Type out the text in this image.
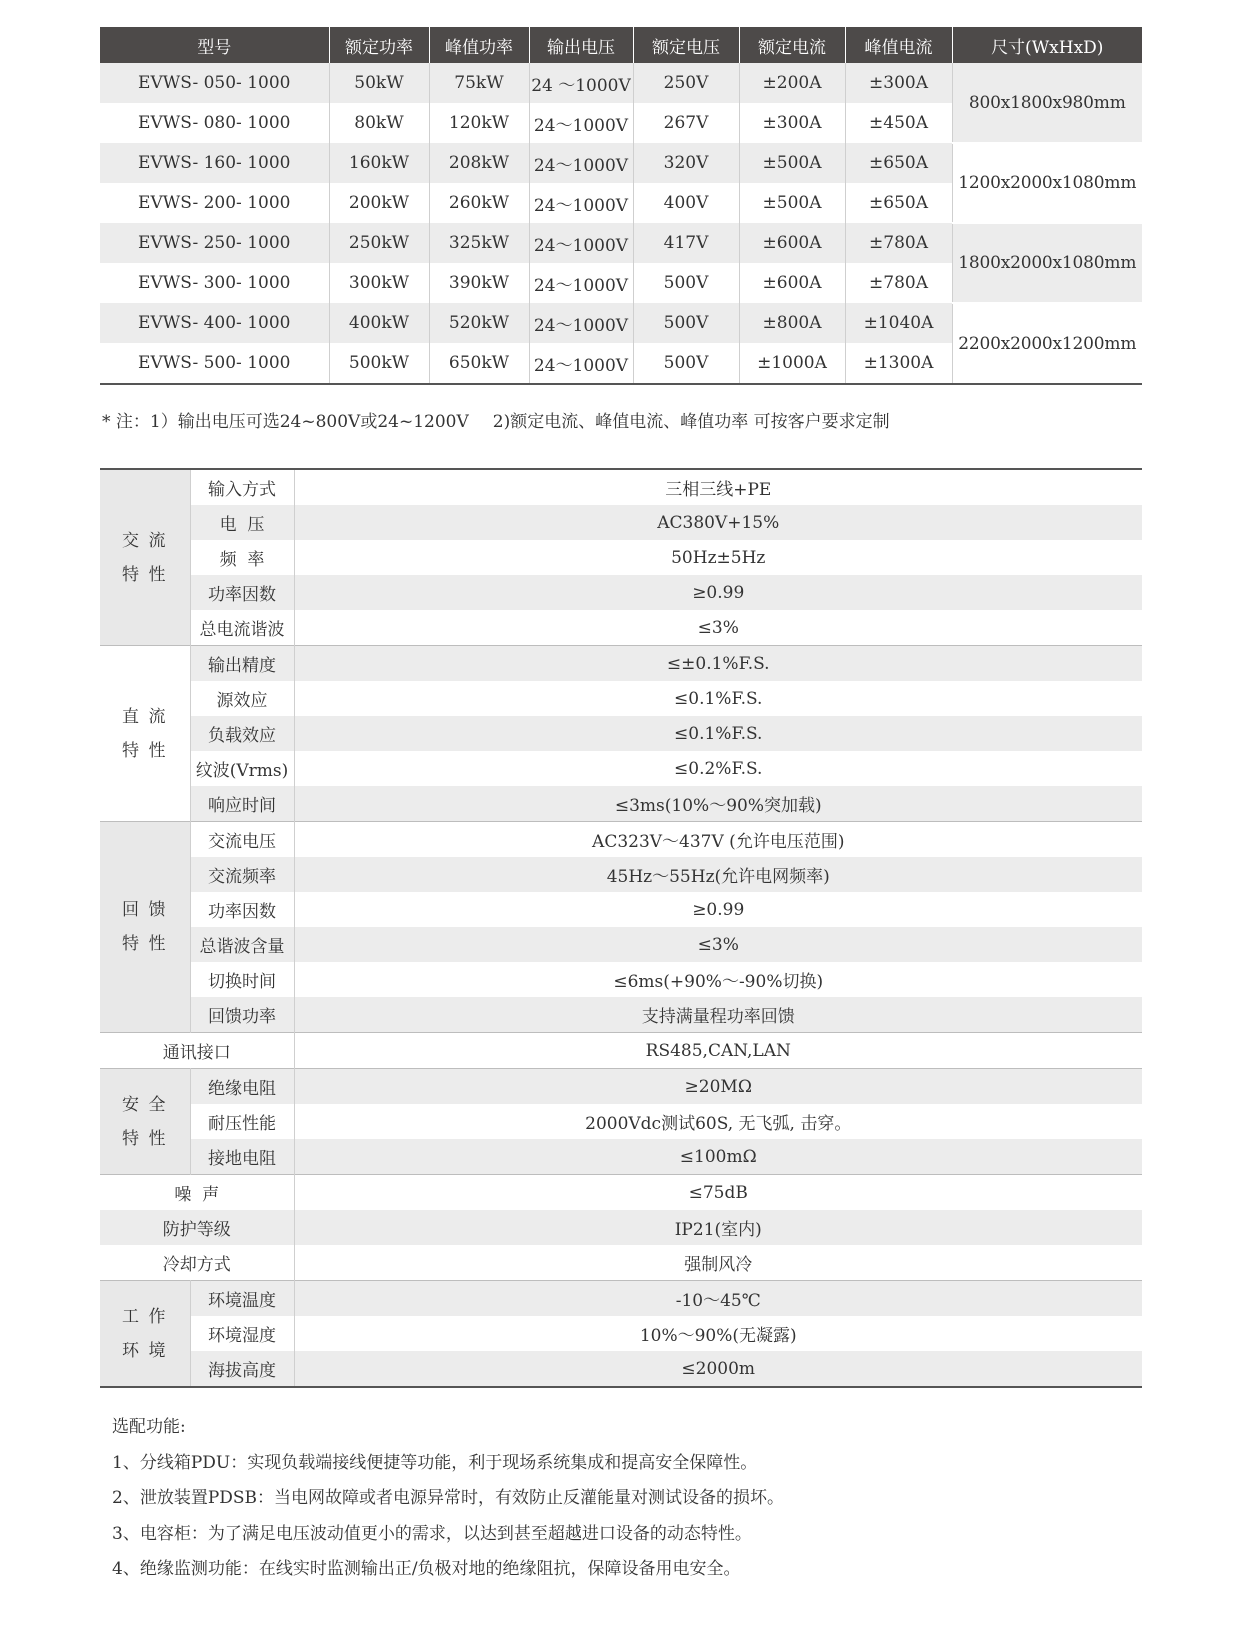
型号	额定功率	峰值功率	输出电压	额定电压	额定电流	峰值电流	尺寸(WxHxD)
EVWS- 050- 1000	50kW	75kW	24 ～1000V	250V	±200A	±300A	800x1800x980mm
EVWS- 080- 1000	80kW	120kW	24～1000V	267V	±300A	±450A	
EVWS- 160- 1000	160kW	208kW	24～1000V	320V	±500A	±650A	1200x2000x1080mm
EVWS- 200- 1000	200kW	260kW	24～1000V	400V	±500A	±650A	
EVWS- 250- 1000	250kW	325kW	24～1000V	417V	±600A	±780A	1800x2000x1080mm
EVWS- 300- 1000	300kW	390kW	24～1000V	500V	±600A	±780A	
EVWS- 400- 1000	400kW	520kW	24～1000V	500V	±800A	±1040A	2200x2000x1200mm
EVWS- 500- 1000	500kW	650kW	24～1000V	500V	±1000A	±1300A	
* 注：1）输出电压可选24~800V或24~1200V 2)额定电流、峰值电流、峰值功率 可按客户要求定制
交 流
特 性	输入方式	三相三线+PE
	电  压	AC380V+15%
	频  率	50Hz±5Hz
	功率因数	≥0.99
	总电流谐波	≤3%

直 流
特 性	输出精度	≤±0.1%F.S.
	源效应	≤0.1%F.S.
	负载效应	≤0.1%F.S.
	纹波(Vrms)	≤0.2%F.S.
	响应时间	≤3ms(10%～90%突加载)

回 馈
特 性	交流电压	AC323V～437V (允许电压范围)
	交流频率	45Hz～55Hz(允许电网频率)
	功率因数	≥0.99
	总谐波含量	≤3%
	切换时间	≤6ms(+90%～-90%切换)
	回馈功率	支持满量程功率回馈
通讯接口		RS485,CAN,LAN

安 全
特 性	绝缘电阻	≥20MΩ
	耐压性能	2000Vdc测试60S, 无飞弧, 击穿。
	接地电阻	≤100mΩ
噪  声		≤75dB
防护等级		IP21(室内)
冷却方式		强制风冷

工 作
环 境	环境温度	-10～45℃
	环境湿度	10%～90%(无凝露)
	海拔高度	≤2000m

选配功能:

1、分线箱PDU：实现负载端接线便捷等功能，利于现场系统集成和提高安全保障性。

2、泄放装置PDSB：当电网故障或者电源异常时，有效防止反灌能量对测试设备的损坏。

3、电容柜：为了满足电压波动值更小的需求，以达到甚至超越进口设备的动态特性。

4、绝缘监测功能：在线实时监测输出正/负极对地的绝缘阻抗，保障设备用电安全。
